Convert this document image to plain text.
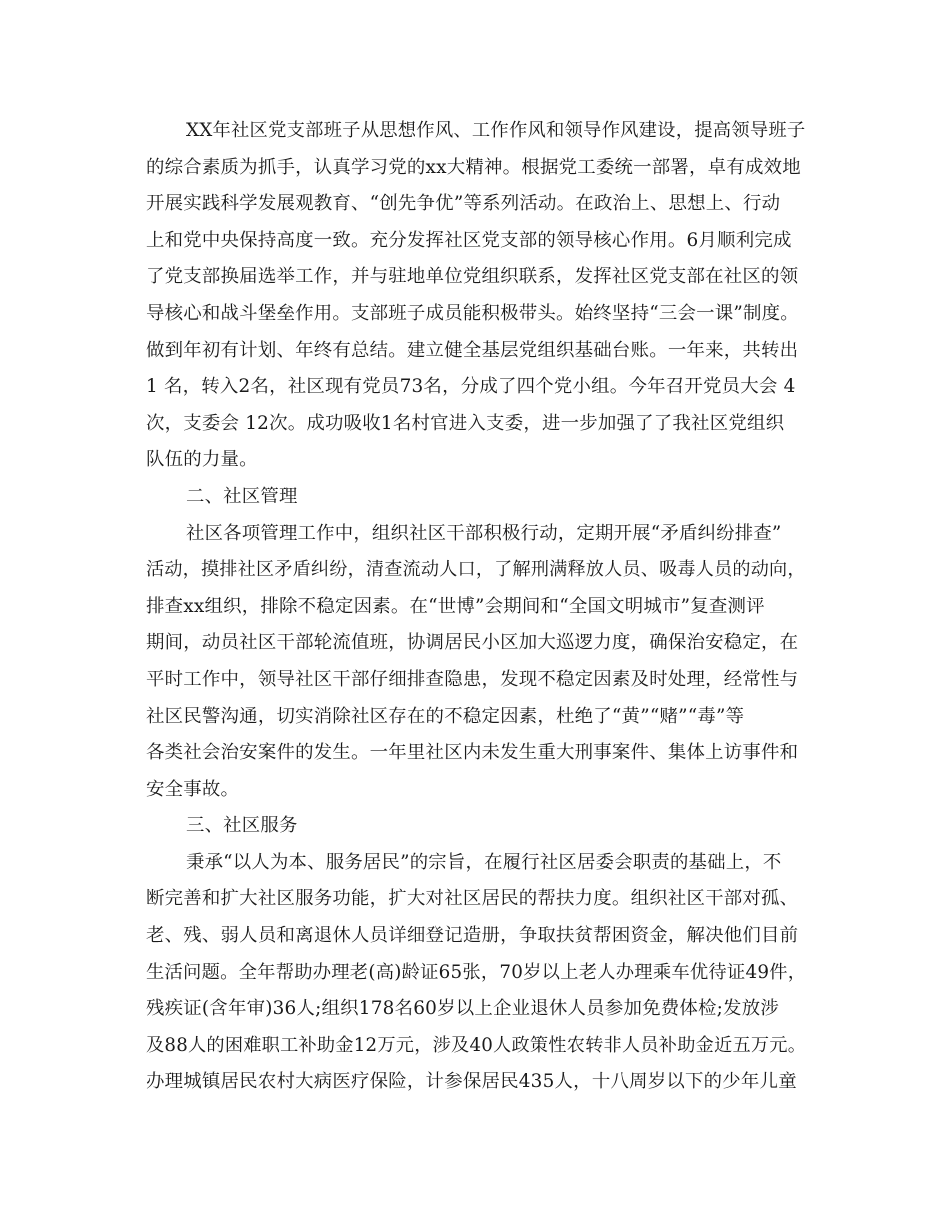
XX年社区党支部班子从思想作风、工作作风和领导作风建设，提高领导班子
的综合素质为抓手，认真学习党的xx大精神。根据党工委统一部署，卓有成效地
开展实践科学发展观教育、“创先争优”等系列活动。在政治上、思想上、行动
上和党中央保持高度一致。充分发挥社区党支部的领导核心作用。6月顺利完成
了党支部换届选举工作，并与驻地单位党组织联系，发挥社区党支部在社区的领
导核心和战斗堡垒作用。支部班子成员能积极带头。始终坚持“三会一课”制度。
做到年初有计划、年终有总结。建立健全基层党组织基础台账。一年来，共转出
1 名，转入2名，社区现有党员73名，分成了四个党小组。今年召开党员大会 4
次，支委会 12次。成功吸收1名村官进入支委，进一步加强了了我社区党组织
队伍的力量。
二、社区管理
社区各项管理工作中，组织社区干部积极行动，定期开展“矛盾纠纷排查”
活动，摸排社区矛盾纠纷，清查流动人口，了解刑满释放人员、吸毒人员的动向，
排查xx组织，排除不稳定因素。在“世博”会期间和“全国文明城市”复查测评
期间，动员社区干部轮流值班，协调居民小区加大巡逻力度，确保治安稳定，在
平时工作中，领导社区干部仔细排查隐患，发现不稳定因素及时处理，经常性与
社区民警沟通，切实消除社区存在的不稳定因素，杜绝了“黄”“赌”“毒”等
各类社会治安案件的发生。一年里社区内未发生重大刑事案件、集体上访事件和
安全事故。
三、社区服务
秉承“以人为本、服务居民”的宗旨，在履行社区居委会职责的基础上，不
断完善和扩大社区服务功能，扩大对社区居民的帮扶力度。组织社区干部对孤、
老、残、弱人员和离退休人员详细登记造册，争取扶贫帮困资金，解决他们目前
生活问题。全年帮助办理老(高)龄证65张，70岁以上老人办理乘车优待证49件，
残疾证(含年审)36人;组织178名60岁以上企业退休人员参加免费体检;发放涉
及88人的困难职工补助金12万元，涉及40人政策性农转非人员补助金近五万元。
办理城镇居民农村大病医疗保险，计参保居民435人，十八周岁以下的少年儿童
